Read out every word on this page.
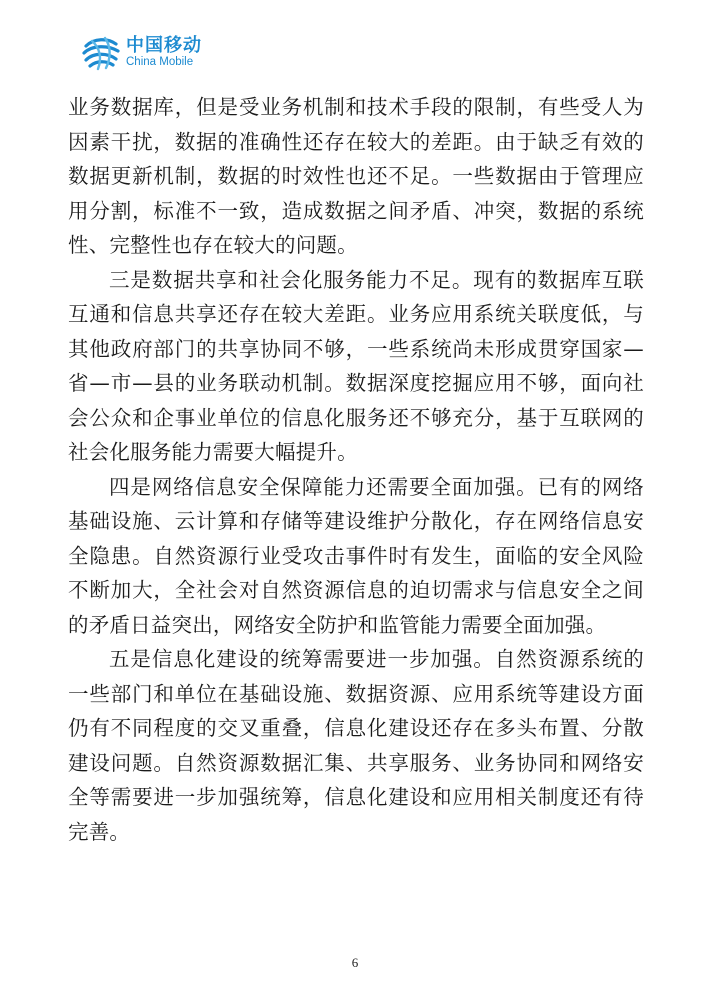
中国移动
China Mobile

业务数据库，但是受业务机制和技术手段的限制，有些受人为因素干扰，数据的准确性还存在较大的差距。由于缺乏有效的数据更新机制，数据的时效性也还不足。一些数据由于管理应用分割，标准不一致，造成数据之间矛盾、冲突，数据的系统性、完整性也存在较大的问题。

三是数据共享和社会化服务能力不足。现有的数据库互联互通和信息共享还存在较大差距。业务应用系统关联度低，与其他政府部门的共享协同不够，一些系统尚未形成贯穿国家—省—市—县的业务联动机制。数据深度挖掘应用不够，面向社会公众和企事业单位的信息化服务还不够充分，基于互联网的社会化服务能力需要大幅提升。

四是网络信息安全保障能力还需要全面加强。已有的网络基础设施、云计算和存储等建设维护分散化，存在网络信息安全隐患。自然资源行业受攻击事件时有发生，面临的安全风险不断加大，全社会对自然资源信息的迫切需求与信息安全之间的矛盾日益突出，网络安全防护和监管能力需要全面加强。

五是信息化建设的统筹需要进一步加强。自然资源系统的一些部门和单位在基础设施、数据资源、应用系统等建设方面仍有不同程度的交叉重叠，信息化建设还存在多头布置、分散建设问题。自然资源数据汇集、共享服务、业务协同和网络安全等需要进一步加强统筹，信息化建设和应用相关制度还有待完善。

6
